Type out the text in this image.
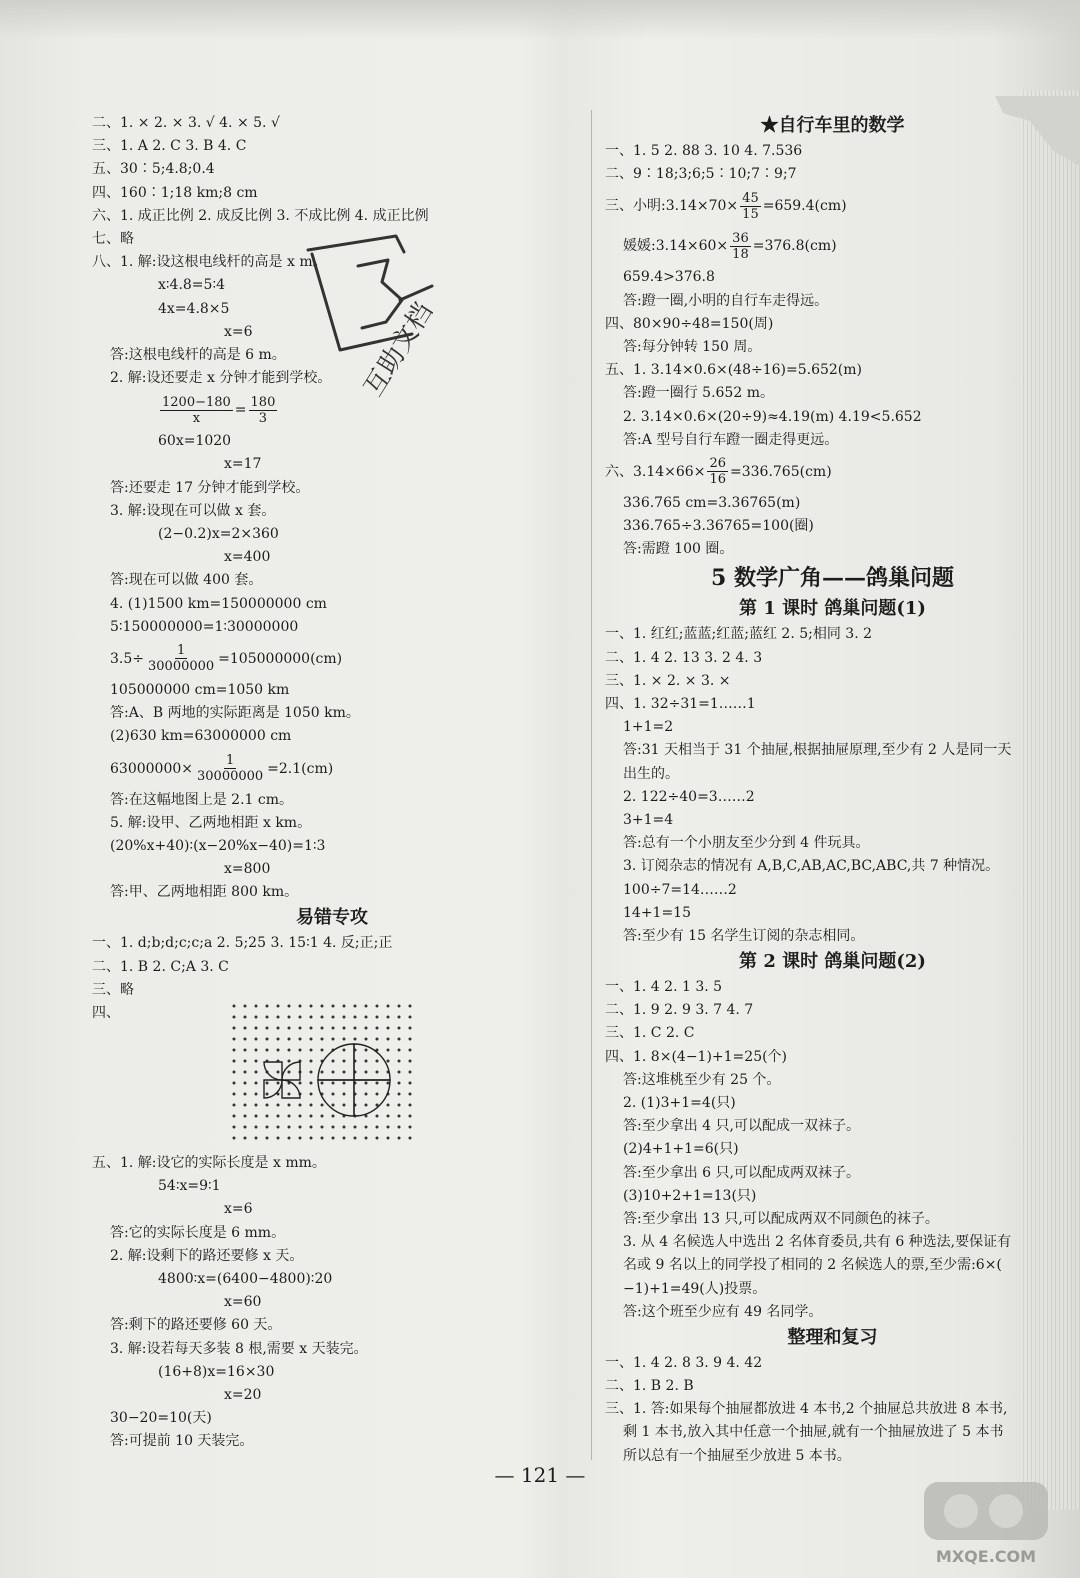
二、1. × 2. × 3. √ 4. × 5. √
三、1. A 2. C 3. B 4. C
五、30∶5;4.8;0.4
四、160∶1;18 km;8 cm
六、1. 成正比例 2. 成反比例 3. 不成比例 4. 成正比例
七、略
八、1. 解:设这根电线杆的高是 x m。
x∶4.8=5∶4
4x=4.8×5
x=6
答:这根电线杆的高是 6 m。
2. 解:设还要走 x 分钟才能到学校。
$\frac{1200-180}{x} = \frac{180}{3}$
60x=1020
x=17
答:还要走 17 分钟才能到学校。
3. 解:设现在可以做 x 套。
(2−0.2)x=2×360
x=400
答:现在可以做 400 套。
4. (1)1500 km=150000000 cm
5∶150000000=1∶30000000
$3.5\div \frac{1}{30000000} =105000000(cm)$
105000000 cm=1050 km
答:A、B 两地的实际距离是 1050 km。
(2)630 km=63000000 cm
$63000000\times \frac{1}{30000000} =2.1(cm)$
答:在这幅地图上是 2.1 cm。
5. 解:设甲、乙两地相距 x km。
(20%x+40)∶(x−20%x−40)=1∶3
x=800
答:甲、乙两地相距 800 km。
易错专攻
一、1. d;b;d;c;c;a 2. 5;25 3. 15∶1 4. 反;正;正
二、1. B 2. C;A 3. C
三、略
四、
五、1. 解:设它的实际长度是 x mm。
54∶x=9∶1
x=6
答:它的实际长度是 6 mm。
2. 解:设剩下的路还要修 x 天。
4800∶x=(6400−4800)∶20
x=60
答:剩下的路还要修 60 天。
3. 解:设若每天多装 8 根,需要 x 天装完。
(16+8)x=16×30
x=20
30−20=10(天)
答:可提前 10 天装完。
★自行车里的数学
一、1. 5 2. 88 3. 10 4. 7.536
二、9∶18;3;6;5∶10;7∶9;7
三、小明:3.14×70× $\frac{45}{15} =659.4(cm)$
媛媛:3.14×60× $\frac{36}{18} =376.8(cm)$
659.4>376.8
答:蹬一圈,小明的自行车走得远。
四、80×90÷48=150(周)
答:每分钟转 150 周。
五、1. 3.14×0.6×(48÷16)=5.652(m)
答:蹬一圈行 5.652 m。
2. 3.14×0.6×(20÷9)≈4.19(m) 4.19<5.652
答:A 型号自行车蹬一圈走得更远。
六、$3.14\times 66\times \frac{26}{16} =336.765(cm)$
336.765 cm=3.36765(m)
336.765÷3.36765=100(圈)
答:需蹬 100 圈。
5 数学广角——鸽巢问题
第 1 课时 鸽巢问题(1)
一、1. 红红;蓝蓝;红蓝;蓝红 2. 5;相同 3. 2
二、1. 4 2. 13 3. 2 4. 3
三、1. × 2. × 3. ×
四、1. 32÷31=1……1
1+1=2
答:31 天相当于 31 个抽屉,根据抽屉原理,至少有 2 人是同一天
出生的。
2. 122÷40=3……2
3+1=4
答:总有一个小朋友至少分到 4 件玩具。
3. 订阅杂志的情况有 A,B,C,AB,AC,BC,ABC,共 7 种情况。
100÷7=14……2
14+1=15
答:至少有 15 名学生订阅的杂志相同。
第 2 课时 鸽巢问题(2)
一、1. 4 2. 1 3. 5
二、1. 9 2. 9 3. 7 4. 7
三、1. C 2. C
四、1. 8×(4−1)+1=25(个)
答:这堆桃至少有 25 个。
2. (1)3+1=4(只)
答:至少拿出 4 只,可以配成一双袜子。
(2)4+1+1=6(只)
答:至少拿出 6 只,可以配成两双袜子。
(3)10+2+1=13(只)
答:至少拿出 13 只,可以配成两双不同颜色的袜子。
3. 从 4 名候选人中选出 2 名体育委员,共有 6 种选法,要保证有
名或 9 名以上的同学投了相同的 2 名候选人的票,至少需:6×(
−1)+1=49(人)投票。
答:这个班至少应有 49 名同学。
整理和复习
一、1. 4 2. 8 3. 9 4. 42
二、1. B 2. B
三、1. 答:如果每个抽屉都放进 4 本书,2 个抽屉总共放进 8 本书,
剩 1 本书,放入其中任意一个抽屉,就有一个抽屉放进了 5 本书
所以总有一个抽屉至少放进 5 本书。
互助文档
— 121 —
MXQE.COM
